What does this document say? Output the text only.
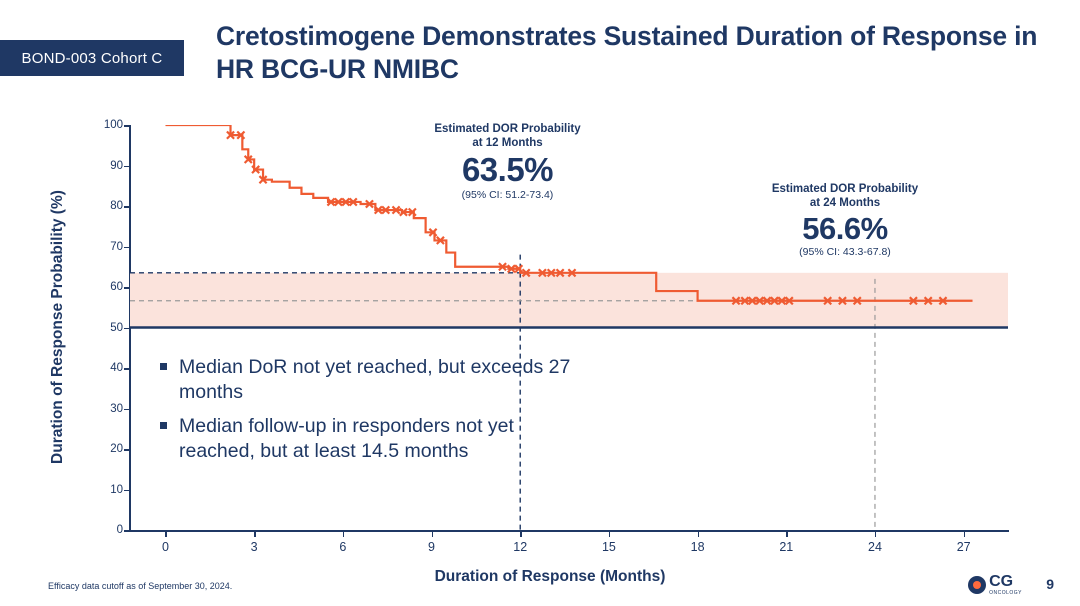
BOND-003 Cohort C
Cretostimogene Demonstrates Sustained Duration of Response in HR BCG-UR NMIBC
Duration of Response Probability (%)
Duration of Response (Months)
0
10
20
30
40
50
60
70
80
90
100
0	3	6	9	12	15	18	21	24	27
Estimated DOR Probability
at 12 Months
63.5%
(95% CI: 51.2-73.4)	Estimated DOR Probability
at 24 Months
56.6%
(95% CI: 43.3-67.8)
Median DoR not yet reached, but exceeds 27 months
Median follow-up in responders not yet reached, but at least 14.5 months
Efficacy data cutoff as of September 30, 2024.	CG
ONCOLOGY
9
